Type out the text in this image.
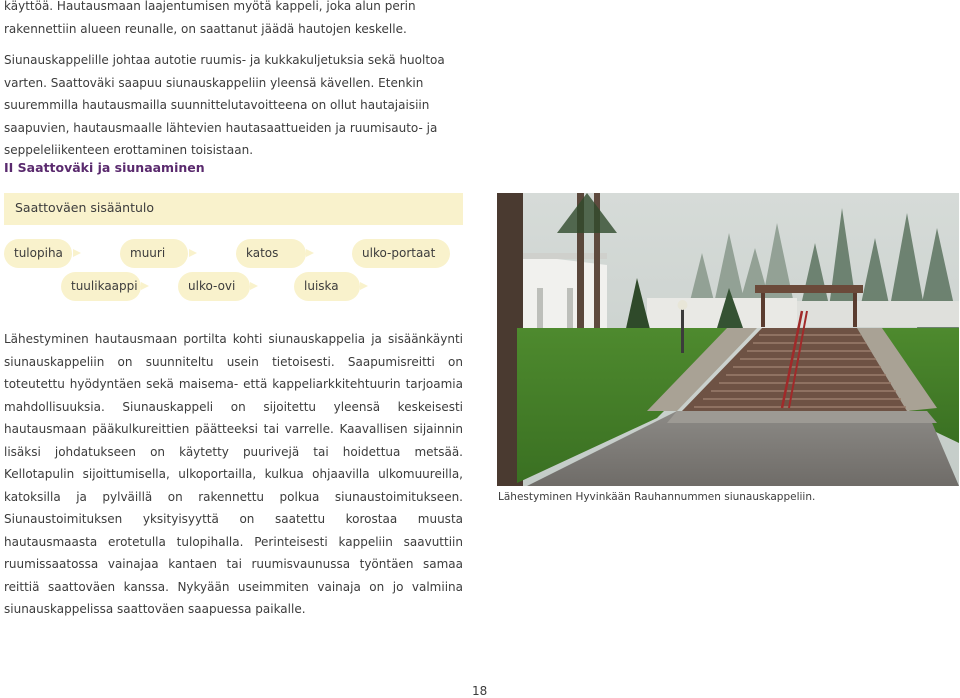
käyttöä. Hautausmaan laajentumisen myötä kappeli, joka alun perin rakennettiin alueen reunalle, on saattanut jäädä hautojen keskelle.

Siunauskappelille johtaa autotie ruumis- ja kukkakuljetuksia sekä huoltoa varten. Saattoväki saapuu siunauskappeliin yleensä kävellen. Etenkin suuremmilla hautausmailla suunnittelutavoitteena on ollut hautajaisiin saapuvien, hautausmaalle lähtevien hautasaattueiden ja ruumisauto- ja seppeleliikenteen erottaminen toisistaan.

II Saattoväki ja siunaaminen
Saattoväen sisääntulo
tulopiha
tuulikaappi
muuri
ulko-ovi
katos
luiska
ulko-portaat

Lähestyminen hautausmaan portilta kohti siunauskappelia ja sisäänkäynti siunauskappeliin on suunniteltu usein tietoisesti. Saapumisreitti on toteutettu hyödyntäen sekä maisema- että kappeliarkkitehtuurin tarjoamia mahdollisuuksia. Siunauskappeli on sijoitettu yleensä keskeisesti hautausmaan pääkulkureittien päätteeksi tai varrelle. Kaavallisen sijainnin lisäksi johdatukseen on käytetty puurivejä tai hoidettua metsää. Kellotapulin sijoittumisella, ulkoportailla, kulkua ohjaavilla ulkomuureilla, katoksilla ja pylväillä on rakennettu polkua siunaustoimitukseen. Siunaustoimituksen yksityisyyttä on saatettu korostaa muusta hautausmaasta erotetulla tulopihalla. Perinteisesti kappeliin saavuttiin ruumissaatossa vainajaa kantaen tai ruumisvaunussa työntäen samaa reittiä saattoväen kanssa. Nykyään useimmiten vainaja on jo valmiina siunauskappelissa saattoväen saapuessa paikalle.

Lähestyminen Hyvinkään Rauhannummen siunauskappeliin.
18
